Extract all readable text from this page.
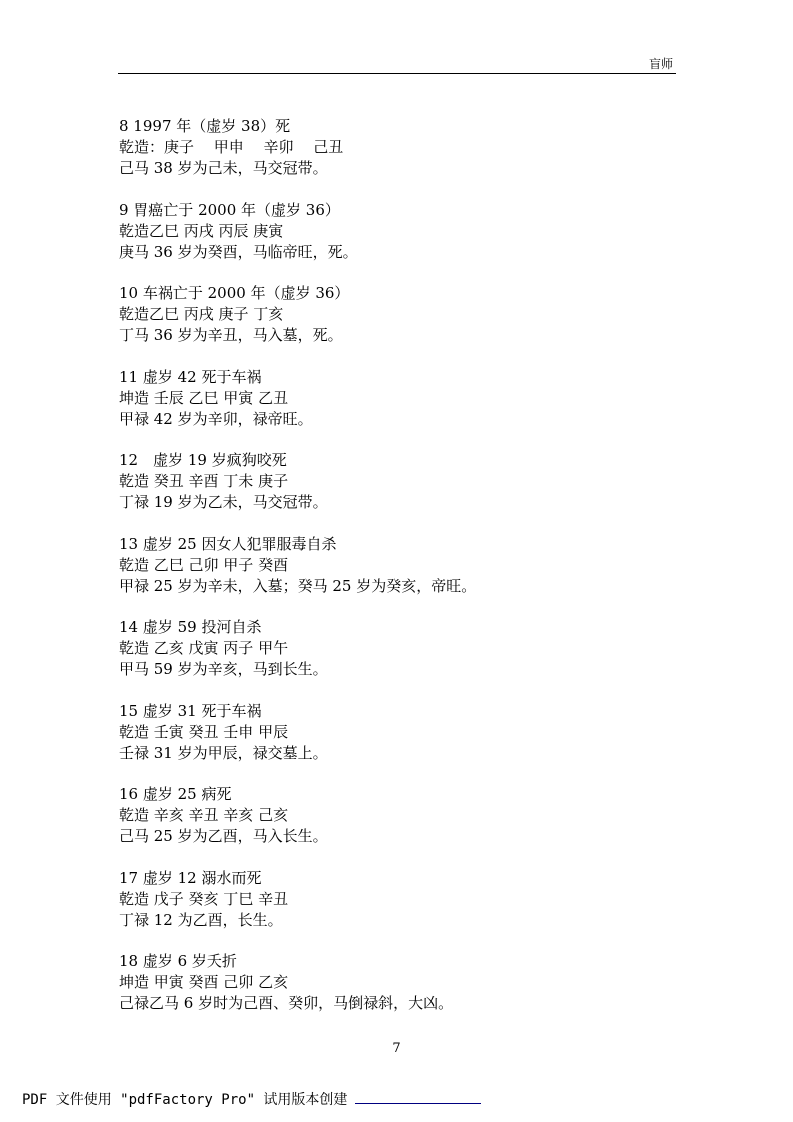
盲师
8 1997 年（虚岁 38）死
乾造：庚子　 甲申　 辛卯　 己丑
己马 38 岁为己未，马交冠带。
9 胃癌亡于 2000 年（虚岁 36）
乾造乙巳 丙戌 丙辰 庚寅
庚马 36 岁为癸酉，马临帝旺，死。
10 车祸亡于 2000 年（虚岁 36）
乾造乙巳 丙戌 庚子 丁亥
丁马 36 岁为辛丑，马入墓，死。
11 虚岁 42 死于车祸
坤造 壬辰 乙巳 甲寅 乙丑
甲禄 42 岁为辛卯，禄帝旺。
12　虚岁 19 岁疯狗咬死
乾造 癸丑 辛酉 丁未 庚子
丁禄 19 岁为乙未，马交冠带。
13 虚岁 25 因女人犯罪服毒自杀
乾造 乙巳 己卯 甲子 癸酉
甲禄 25 岁为辛未，入墓；癸马 25 岁为癸亥，帝旺。
14 虚岁 59 投河自杀
乾造 乙亥 戊寅 丙子 甲午
甲马 59 岁为辛亥，马到长生。
15 虚岁 31 死于车祸
乾造 壬寅 癸丑 壬申 甲辰
壬禄 31 岁为甲辰，禄交墓上。
16 虚岁 25 病死
乾造 辛亥 辛丑 辛亥 己亥
己马 25 岁为乙酉，马入长生。
17 虚岁 12 溺水而死
乾造 戊子 癸亥 丁巳 辛丑
丁禄 12 为乙酉，长生。
18 虚岁 6 岁夭折
坤造 甲寅 癸酉 己卯 乙亥
己禄乙马 6 岁时为己酉、癸卯，马倒禄斜，大凶。
7
PDF 文件使用 "pdfFactory Pro" 试用版本创建
